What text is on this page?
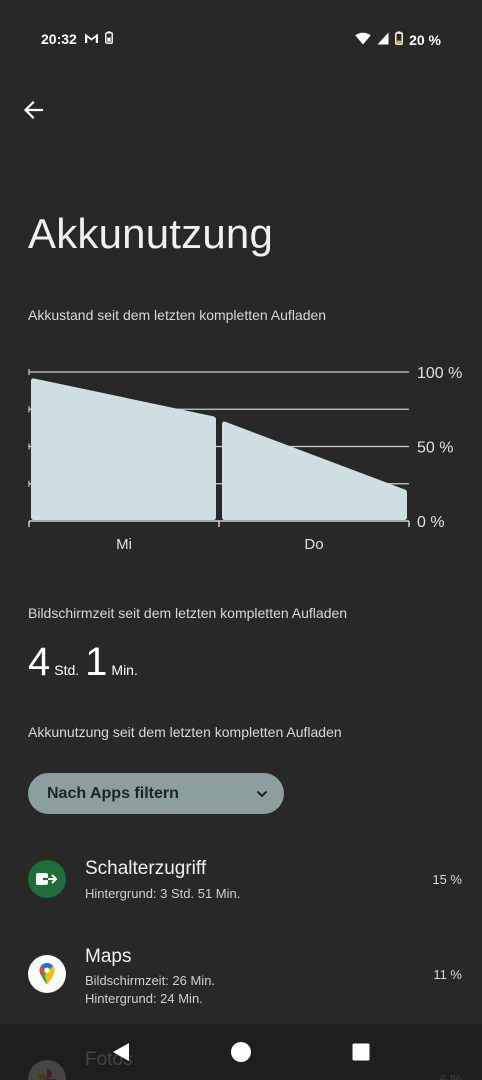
20:32	20 %
Akkunutzung
Akkustand seit dem letzten kompletten Aufladen
100 %
50 %
0 %
Mi	Do
Bildschirmzeit seit dem letzten kompletten Aufladen
4 Std. 1 Min.
Akkunutzung seit dem letzten kompletten Aufladen
Nach Apps filtern
Schalterzugriff
Hintergrund: 3 Std. 51 Min.
15 %
Maps
Bildschirmzeit: 26 Min.
Hintergrund: 24 Min.
11 %
